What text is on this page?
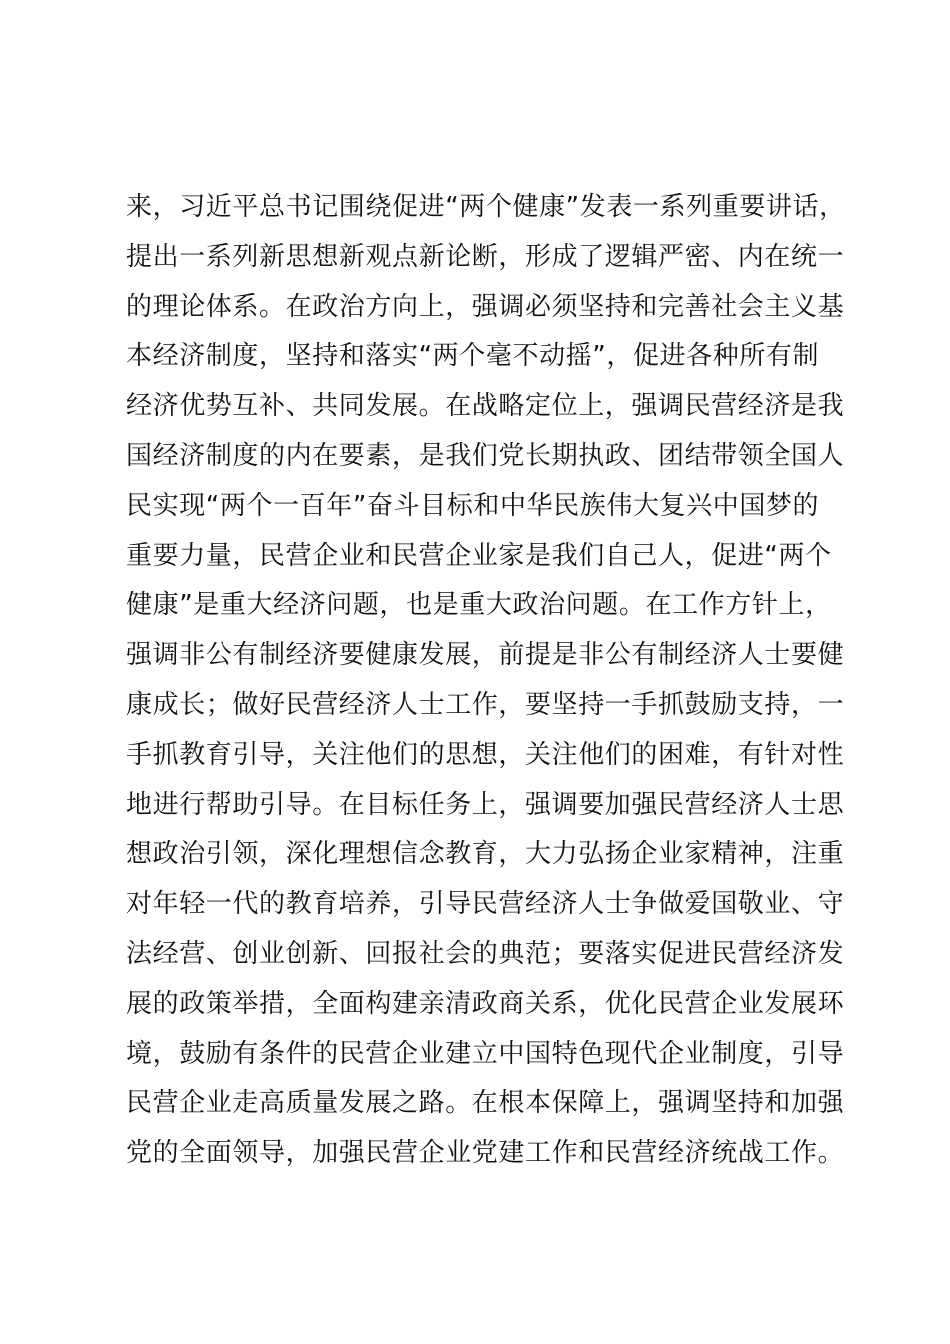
来，习近平总书记围绕促进“两个健康”发表一系列重要讲话，
提出一系列新思想新观点新论断，形成了逻辑严密、内在统一
的理论体系。在政治方向上，强调必须坚持和完善社会主义基
本经济制度，坚持和落实“两个毫不动摇”，促进各种所有制
经济优势互补、共同发展。在战略定位上，强调民营经济是我
国经济制度的内在要素，是我们党长期执政、团结带领全国人
民实现“两个一百年”奋斗目标和中华民族伟大复兴中国梦的
重要力量，民营企业和民营企业家是我们自己人，促进“两个
健康”是重大经济问题，也是重大政治问题。在工作方针上，
强调非公有制经济要健康发展，前提是非公有制经济人士要健
康成长；做好民营经济人士工作，要坚持一手抓鼓励支持，一
手抓教育引导，关注他们的思想，关注他们的困难，有针对性
地进行帮助引导。在目标任务上，强调要加强民营经济人士思
想政治引领，深化理想信念教育，大力弘扬企业家精神，注重
对年轻一代的教育培养，引导民营经济人士争做爱国敬业、守
法经营、创业创新、回报社会的典范；要落实促进民营经济发
展的政策举措，全面构建亲清政商关系，优化民营企业发展环
境，鼓励有条件的民营企业建立中国特色现代企业制度，引导
民营企业走高质量发展之路。在根本保障上，强调坚持和加强
党的全面领导，加强民营企业党建工作和民营经济统战工作。
